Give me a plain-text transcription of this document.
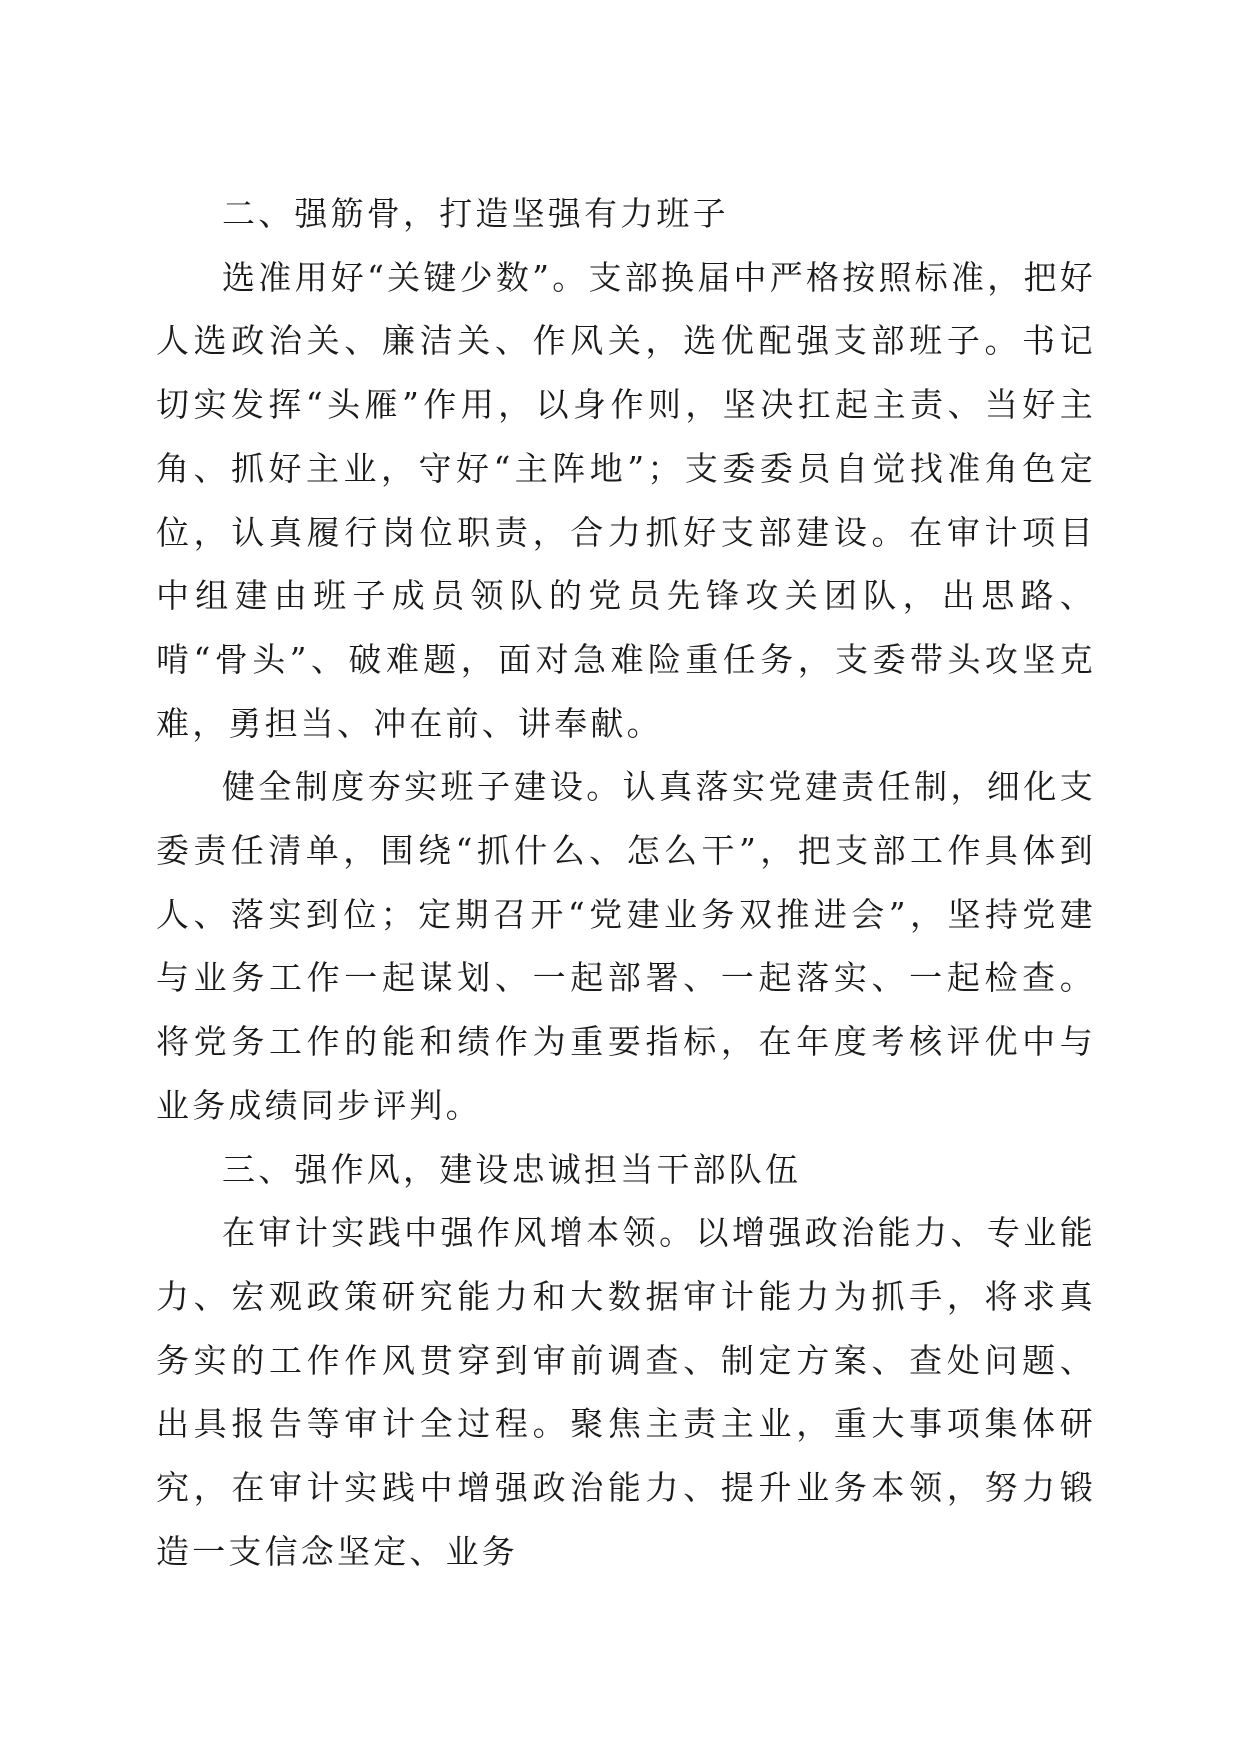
二、强筋骨，打造坚强有力班子

选准用好“关键少数”。支部换届中严格按照标准，把好人选政治关、廉洁关、作风关，选优配强支部班子。书记切实发挥“头雁”作用，以身作则，坚决扛起主责、当好主角、抓好主业，守好“主阵地”；支委委员自觉找准角色定位，认真履行岗位职责，合力抓好支部建设。在审计项目中组建由班子成员领队的党员先锋攻关团队，出思路、啃“骨头”、破难题，面对急难险重任务，支委带头攻坚克难，勇担当、冲在前、讲奉献。

健全制度夯实班子建设。认真落实党建责任制，细化支委责任清单，围绕“抓什么、怎么干”，把支部工作具体到人、落实到位；定期召开“党建业务双推进会”，坚持党建与业务工作一起谋划、一起部署、一起落实、一起检查。将党务工作的能和绩作为重要指标，在年度考核评优中与业务成绩同步评判。

三、强作风，建设忠诚担当干部队伍

在审计实践中强作风增本领。以增强政治能力、专业能力、宏观政策研究能力和大数据审计能力为抓手，将求真务实的工作作风贯穿到审前调查、制定方案、查处问题、出具报告等审计全过程。聚焦主责主业，重大事项集体研究，在审计实践中增强政治能力、提升业务本领，努力锻造一支信念坚定、业务
